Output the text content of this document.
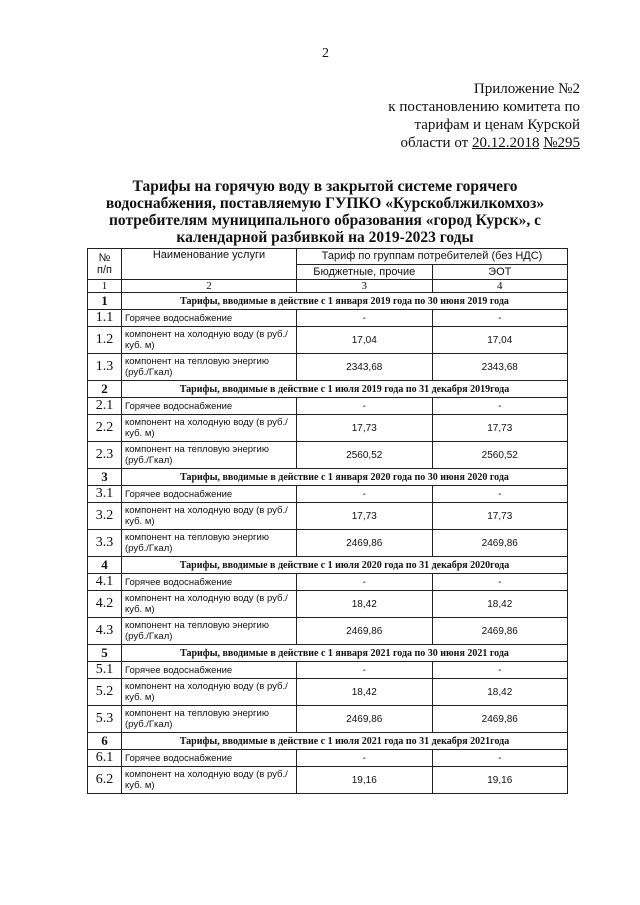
2
Приложение №2
к постановлению комитета по
тарифам и ценам Курской
области от 20.12.2018 №295
Тарифы на горячую воду в закрытой системе горячего
водоснабжения, поставляемую ГУПКО «Курскоблжилкомхоз»
потребителям муниципального образования «город Курск», с
календарной разбивкой на 2019-2023 годы
№
п/п	Наименование услуги	Тариф по группам потребителей (без НДС)	
		Бюджетные, прочие	ЭОТ
1	2	3	4
1	Тарифы, вводимые в действие с 1 января 2019 года по 30 июня 2019 года		
1.1	Горячее водоснабжение	-	-
1.2	компонент на холодную воду (в руб./куб. м)	17,04	17,04
1.3	компонент на тепловую энергию (руб./Гкал)	2343,68	2343,68
2	Тарифы, вводимые в действие с 1 июля 2019 года по 31 декабря 2019года		
2.1	Горячее водоснабжение	-	-
2.2	компонент на холодную воду (в руб./куб. м)	17,73	17,73
2.3	компонент на тепловую энергию (руб./Гкал)	2560,52	2560,52
3	Тарифы, вводимые в действие с 1 января 2020 года по 30 июня 2020 года		
3.1	Горячее водоснабжение	-	-
3.2	компонент на холодную воду (в руб./куб. м)	17,73	17,73
3.3	компонент на тепловую энергию (руб./Гкал)	2469,86	2469,86
4	Тарифы, вводимые в действие с 1 июля 2020 года по 31 декабря 2020года		
4.1	Горячее водоснабжение	-	-
4.2	компонент на холодную воду (в руб./куб. м)	18,42	18,42
4.3	компонент на тепловую энергию (руб./Гкал)	2469,86	2469,86
5	Тарифы, вводимые в действие с 1 января 2021 года по 30 июня 2021 года		
5.1	Горячее водоснабжение	-	-
5.2	компонент на холодную воду (в руб./куб. м)	18,42	18,42
5.3	компонент на тепловую энергию (руб./Гкал)	2469,86	2469,86
6	Тарифы, вводимые в действие с 1 июля 2021 года по 31 декабря 2021года		
6.1	Горячее водоснабжение	-	-
6.2	компонент на холодную воду (в руб./куб. м)	19,16	19,16
